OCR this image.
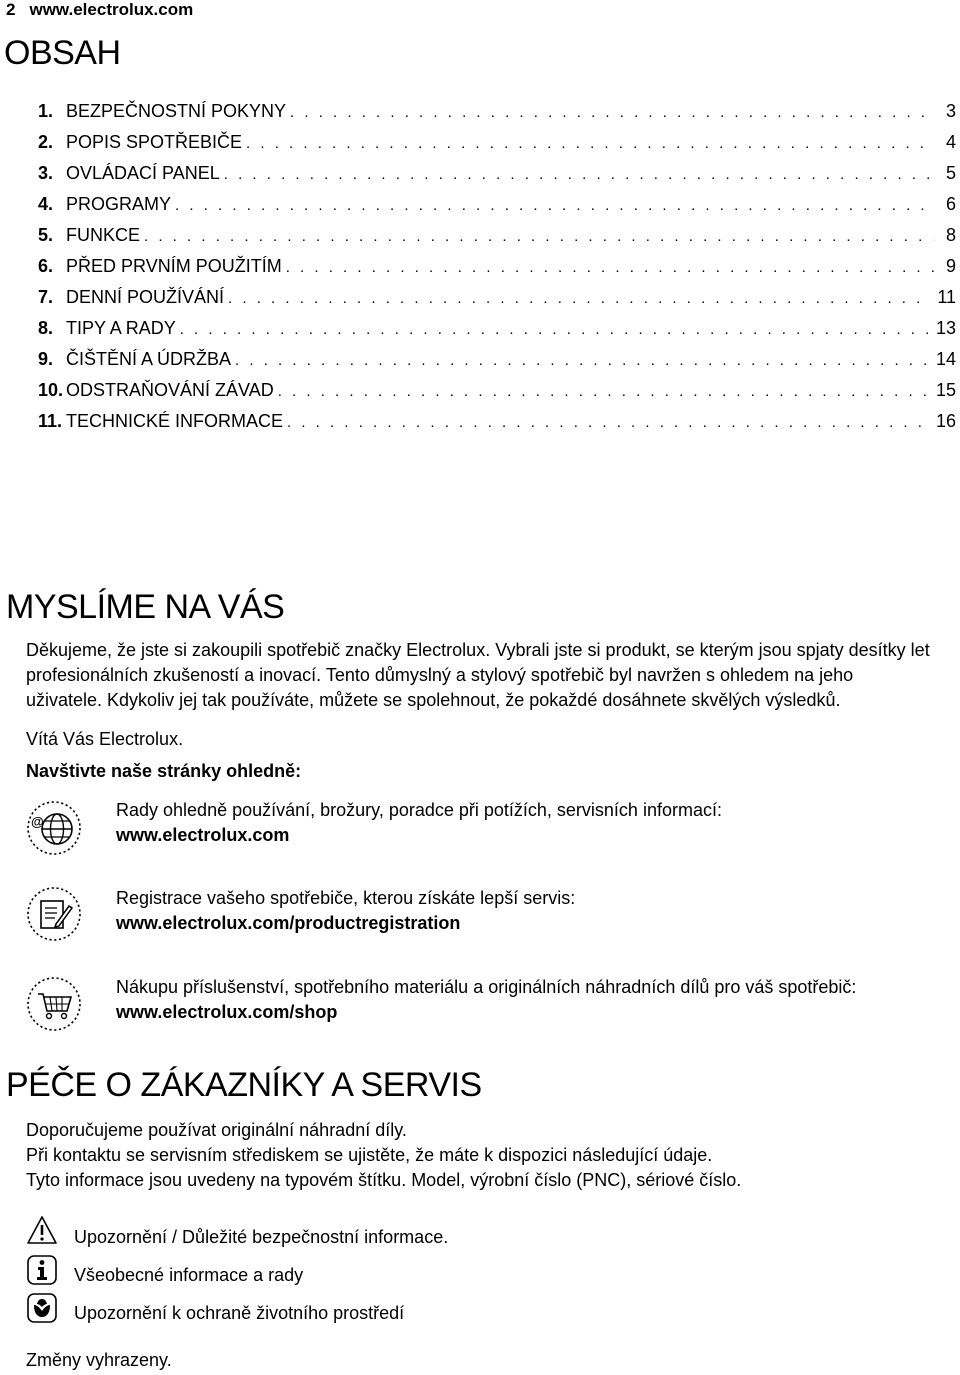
2 www.electrolux.com
OBSAH
1. BEZPEČNOSTNÍ POKYNY . . .	3
2. POPIS SPOTŘEBIČE . . .	4
3. OVLÁDACÍ PANEL . . .	5
4. PROGRAMY . . .	6
5. FUNKCE . . .	8
6. PŘED PRVNÍM POUŽITÍM . . .	9
7. DENNÍ POUŽÍVÁNÍ . . .	11
8. TIPY A RADY . . .	13
9. ČIŠTĚNÍ A ÚDRŽBA . . .	14
10. ODSTRAŇOVÁNÍ ZÁVAD . . .	15
11. TECHNICKÉ INFORMACE . . .	16
MYSLÍME NA VÁS
Děkujeme, že jste si zakoupili spotřebič značky Electrolux. Vybrali jste si produkt, se kterým jsou spjaty desítky let
profesionálních zkušeností a inovací. Tento důmyslný a stylový spotřebič byl navržen s ohledem na jeho
uživatele. Kdykoliv jej tak používáte, můžete se spolehnout, že pokaždé dosáhnete skvělých výsledků.
Vítá Vás Electrolux.
Navštivte naše stránky ohledně:
@
Rady ohledně používání, brožury, poradce při potížích, servisních informací:
www.electrolux.com
Registrace vašeho spotřebiče, kterou získáte lepší servis:
www.electrolux.com/productregistration
Nákupu příslušenství, spotřebního materiálu a originálních náhradních dílů pro váš spotřebič:
www.electrolux.com/shop
PÉČE O ZÁKAZNÍKY A SERVIS
Doporučujeme používat originální náhradní díly.
Při kontaktu se servisním střediskem se ujistěte, že máte k dispozici následující údaje.
Tyto informace jsou uvedeny na typovém štítku. Model, výrobní číslo (PNC), sériové číslo.
Upozornění / Důležité bezpečnostní informace.
Všeobecné informace a rady
Upozornění k ochraně životního prostředí
Změny vyhrazeny.
